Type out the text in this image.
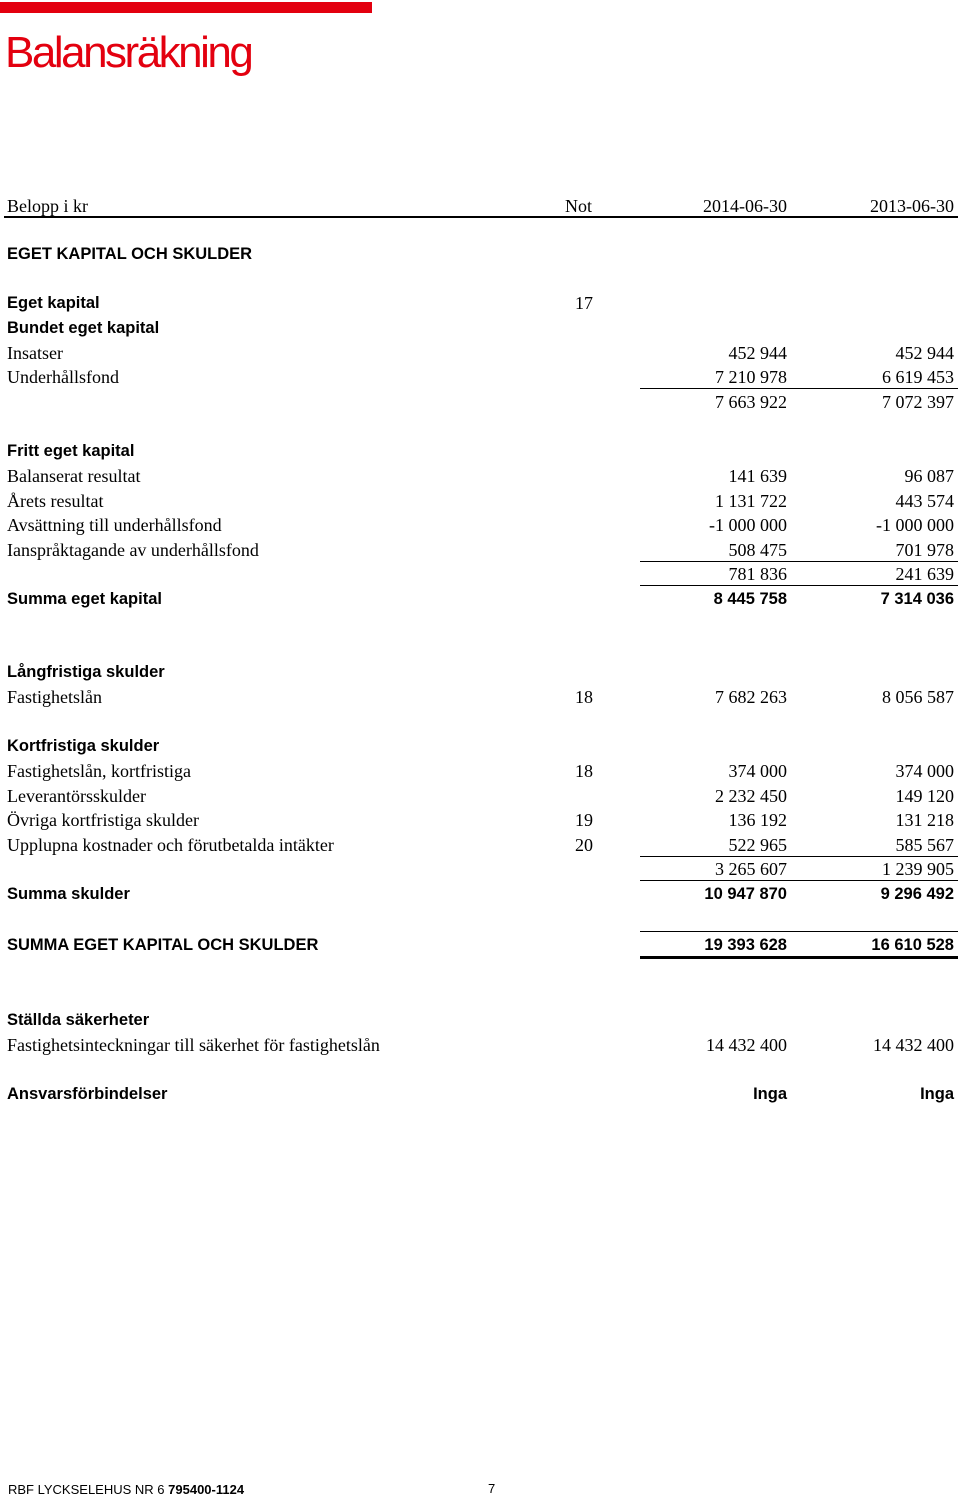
Balansräkning
Belopp i kr	Not	2014-06-30	2013-06-30
EGET KAPITAL OCH SKULDER
Eget kapital	17
Bundet eget kapital
Insatser	452 944	452 944
Underhållsfond	7 210 978	6 619 453
7 663 922	7 072 397
Fritt eget kapital
Balanserat resultat	141 639	96 087
Årets resultat	1 131 722	443 574
Avsättning till underhållsfond	-1 000 000	-1 000 000
Ianspråktagande av underhållsfond	508 475	701 978
781 836	241 639
Summa eget kapital	8 445 758	7 314 036
Långfristiga skulder
Fastighetslån	18	7 682 263	8 056 587
Kortfristiga skulder
Fastighetslån, kortfristiga	18	374 000	374 000
Leverantörsskulder	2 232 450	149 120
Övriga kortfristiga skulder	19	136 192	131 218
Upplupna kostnader och förutbetalda intäkter	20	522 965	585 567
3 265 607	1 239 905
Summa skulder	10 947 870	9 296 492
SUMMA EGET KAPITAL OCH SKULDER	19 393 628	16 610 528
Ställda säkerheter
Fastighetsinteckningar till säkerhet för fastighetslån	14 432 400	14 432 400
Ansvarsförbindelser	Inga	Inga
RBF LYCKSELEHUS NR 6 795400-1124	7
